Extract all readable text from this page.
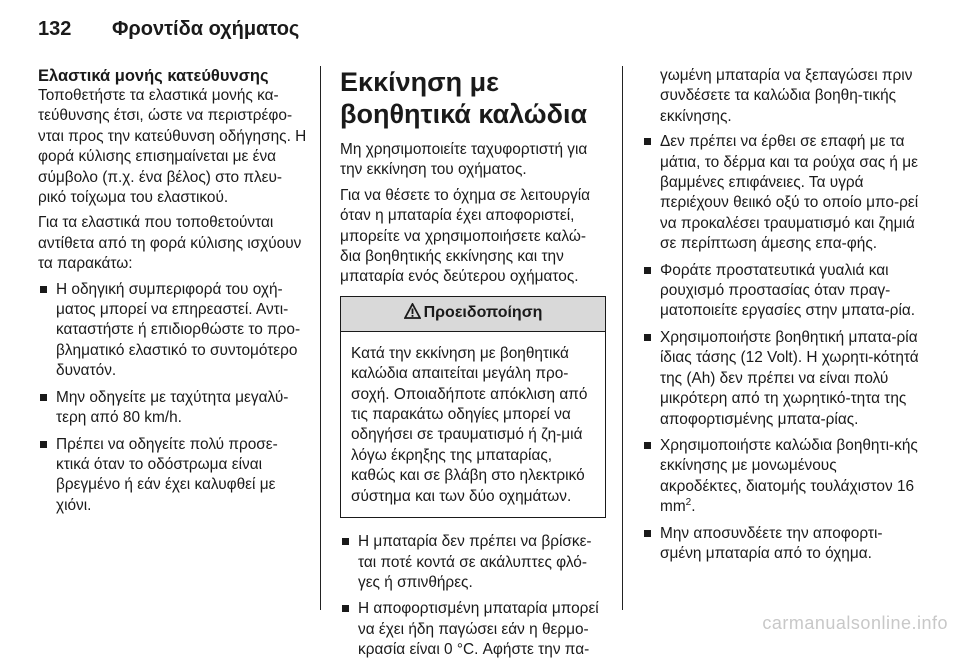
132 Φροντίδα οχήματος
Ελαστικά μονής κατεύθυνσης

Τοποθετήστε τα ελαστικά μονής κα-τεύθυνσης έτσι, ώστε να περιστρέφο-νται προς την κατεύθυνση οδήγησης. Η φορά κύλισης επισημαίνεται με ένα σύμβολο (π.χ. ένα βέλος) στο πλευ-ρικό τοίχωμα του ελαστικού.

Για τα ελαστικά που τοποθετούνται αντίθετα από τη φορά κύλισης ισχύουν τα παρακάτω:

Η οδηγική συμπεριφορά του οχή-ματος μπορεί να επηρεαστεί. Αντι-καταστήστε ή επιδιορθώστε το προ-βληματικό ελαστικό το συντομότερο δυνατόν.
Μην οδηγείτε με ταχύτητα μεγαλύ-τερη από 80 km/h.
Πρέπει να οδηγείτε πολύ προσε-κτικά όταν το οδόστρωμα είναι βρεγμένο ή εάν έχει καλυφθεί με χιόνι.
Εκκίνηση με βοηθητικά καλώδια

Μη χρησιμοποιείτε ταχυφορτιστή για την εκκίνηση του οχήματος.

Για να θέσετε το όχημα σε λειτουργία όταν η μπαταρία έχει αποφοριστεί, μπορείτε να χρησιμοποιήσετε καλώ-δια βοηθητικής εκκίνησης και την μπαταρία ενός δεύτερου οχήματος.

Προειδοποίηση
Κατά την εκκίνηση με βοηθητικά καλώδια απαιτείται μεγάλη προ-σοχή. Οποιαδήποτε απόκλιση από τις παρακάτω οδηγίες μπορεί να οδηγήσει σε τραυματισμό ή ζη-μιά λόγω έκρηξης της μπαταρίας, καθώς και σε βλάβη στο ηλεκτρικό σύστημα και των δύο οχημάτων.
Η μπαταρία δεν πρέπει να βρίσκε-ται ποτέ κοντά σε ακάλυπτες φλό-γες ή σπινθήρες.
Η αποφορτισμένη μπαταρία μπορεί να έχει ήδη παγώσει εάν η θερμο-κρασία είναι 0 °C. Αφήστε την πα-

γωμένη μπαταρία να ξεπαγώσει πριν συνδέσετε τα καλώδια βοηθη-τικής εκκίνησης.

Δεν πρέπει να έρθει σε επαφή με τα μάτια, το δέρμα και τα ρούχα σας ή με βαμμένες επιφάνειες. Τα υγρά περιέχουν θειικό οξύ το οποίο μπο-ρεί να προκαλέσει τραυματισμό και ζημιά σε περίπτωση άμεσης επα-φής.
Φοράτε προστατευτικά γυαλιά και ρουχισμό προστασίας όταν πραγ-ματοποιείτε εργασίες στην μπατα-ρία.
Χρησιμοποιήστε βοηθητική μπατα-ρία ίδιας τάσης (12 Volt). Η χωρητι-κότητά της (Ah) δεν πρέπει να είναι πολύ μικρότερη από τη χωρητικό-τητα της αποφορτισμένης μπατα-ρίας.
Χρησιμοποιήστε καλώδια βοηθητι-κής εκκίνησης με μονωμένους ακροδέκτες, διατομής τουλάχιστον 16 $mm^2$.
Μην αποσυνδέετε την αποφορτι-σμένη μπαταρία από το όχημα.
carmanualsonline.info
